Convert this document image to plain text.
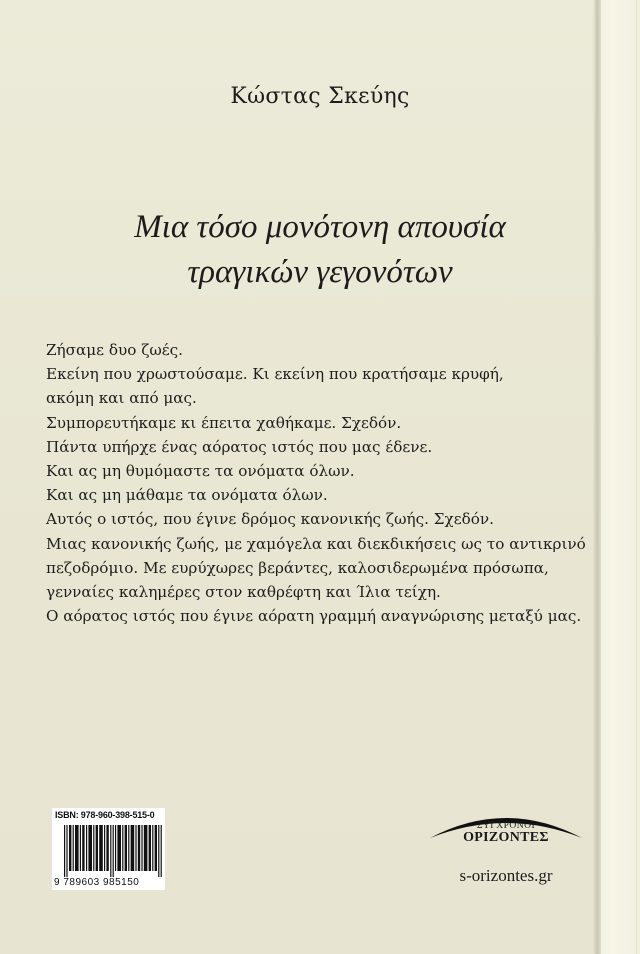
Κώστας Σκεύης
Μια τόσο μονότονη απουσία
τραγικών γεγονότων
Ζήσαμε δυο ζωές.
Εκείνη που χρωστούσαμε. Κι εκείνη που κρατήσαμε κρυφή,
ακόμη και από μας.
Συμπορευτήκαμε κι έπειτα χαθήκαμε. Σχεδόν.
Πάντα υπήρχε ένας αόρατος ιστός που μας έδενε.
Και ας μη θυμόμαστε τα ονόματα όλων.
Και ας μη μάθαμε τα ονόματα όλων.
Αυτός ο ιστός, που έγινε δρόμος κανονικής ζωής. Σχεδόν.
Μιας κανονικής ζωής, με χαμόγελα και διεκδικήσεις ως το αντικρινό
πεζοδρόμιο. Με ευρύχωρες βεράντες, καλοσιδερωμένα πρόσωπα,
γενναίες καλημέρες στον καθρέφτη και Ίλια τείχη.
Ο αόρατος ιστός που έγινε αόρατη γραμμή αναγνώρισης μεταξύ μας.
ISBN: 978-960-398-515-0
9 789603 985150
ΣΥΓΧΡΟΝΟΙ
ΟΡΙΖΟΝΤΕΣ
s-orizontes.gr
